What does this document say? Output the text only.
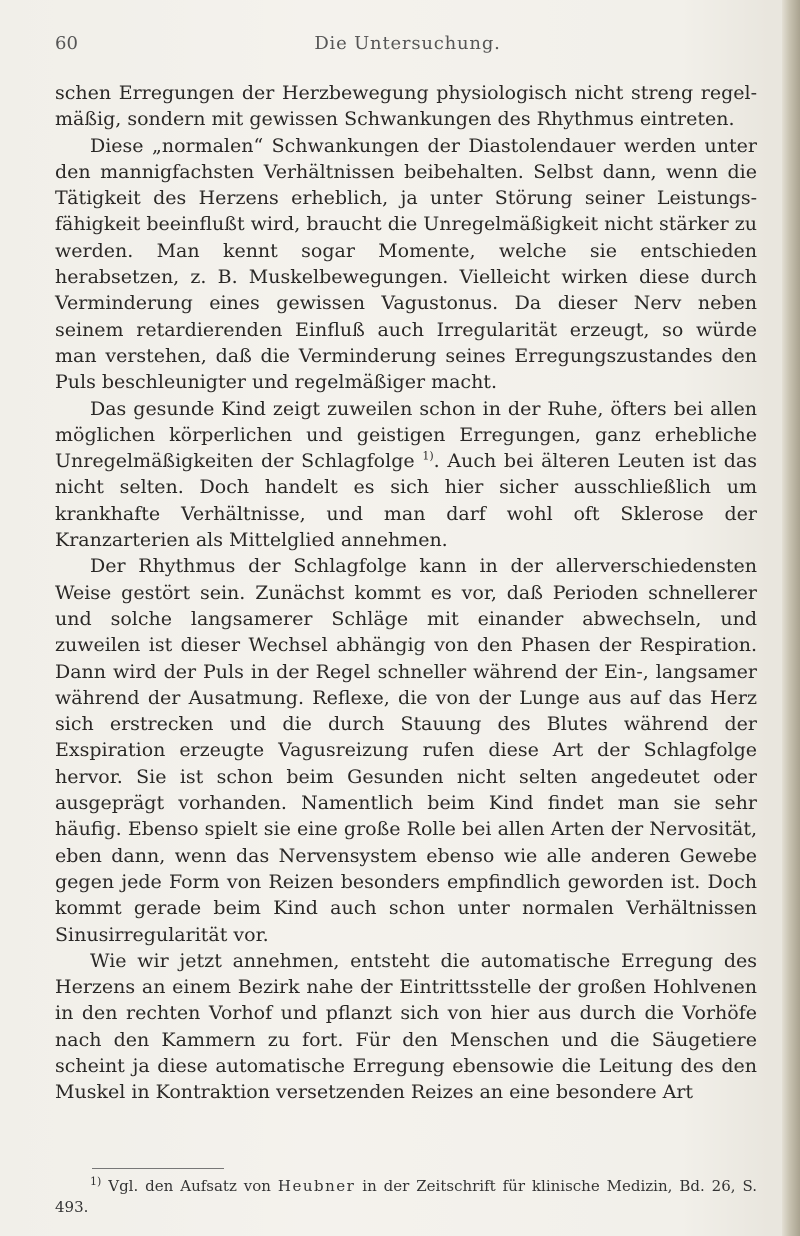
60	Die Untersuchung.

schen Erregungen der Herzbewegung physiologisch nicht streng regelmäßig, sondern mit gewissen Schwankungen des Rhythmus eintreten.

Diese „normalen“ Schwankungen der Diastolendauer werden unter den mannigfachsten Verhältnissen beibehalten. Selbst dann, wenn die Tätigkeit des Herzens erheblich, ja unter Störung seiner Leistungsfähigkeit beeinflußt wird, braucht die Unregelmäßigkeit nicht stärker zu werden. Man kennt sogar Momente, welche sie entschieden herabsetzen, z. B. Muskelbewegungen. Vielleicht wirken diese durch Verminderung eines gewissen Vagustonus. Da dieser Nerv neben seinem retardierenden Einfluß auch Irregularität erzeugt, so würde man verstehen, daß die Verminderung seines Erregungszustandes den Puls beschleunigter und regelmäßiger macht.

Das gesunde Kind zeigt zuweilen schon in der Ruhe, öfters bei allen möglichen körperlichen und geistigen Erregungen, ganz erhebliche Unregelmäßigkeiten der Schlagfolge $^{1)}$. Auch bei älteren Leuten ist das nicht selten. Doch handelt es sich hier sicher ausschließlich um krankhafte Verhältnisse, und man darf wohl oft Sklerose der Kranzarterien als Mittelglied annehmen.

Der Rhythmus der Schlagfolge kann in der allerverschiedensten Weise gestört sein. Zunächst kommt es vor, daß Perioden schnellerer und solche langsamerer Schläge mit einander abwechseln, und zuweilen ist dieser Wechsel abhängig von den Phasen der Respiration. Dann wird der Puls in der Regel schneller während der Ein-, langsamer während der Ausatmung. Reflexe, die von der Lunge aus auf das Herz sich erstrecken und die durch Stauung des Blutes während der Exspiration erzeugte Vagusreizung rufen diese Art der Schlagfolge hervor. Sie ist schon beim Gesunden nicht selten angedeutet oder ausgeprägt vorhanden. Namentlich beim Kind findet man sie sehr häufig. Ebenso spielt sie eine große Rolle bei allen Arten der Nervosität, eben dann, wenn das Nervensystem ebenso wie alle anderen Gewebe gegen jede Form von Reizen besonders empfindlich geworden ist. Doch kommt gerade beim Kind auch schon unter normalen Verhältnissen Sinusirregularität vor.

Wie wir jetzt annehmen, entsteht die automatische Erregung des Herzens an einem Bezirk nahe der Eintrittsstelle der großen Hohlvenen in den rechten Vorhof und pflanzt sich von hier aus durch die Vorhöfe nach den Kammern zu fort. Für den Menschen und die Säugetiere scheint ja diese automatische Erregung ebensowie die Leitung des den Muskel in Kontraktion versetzenden Reizes an eine besondere Art

$^{1)}$ Vgl. den Aufsatz von Heubner in der Zeitschrift für klinische Medizin, Bd. 26, S. 493.
